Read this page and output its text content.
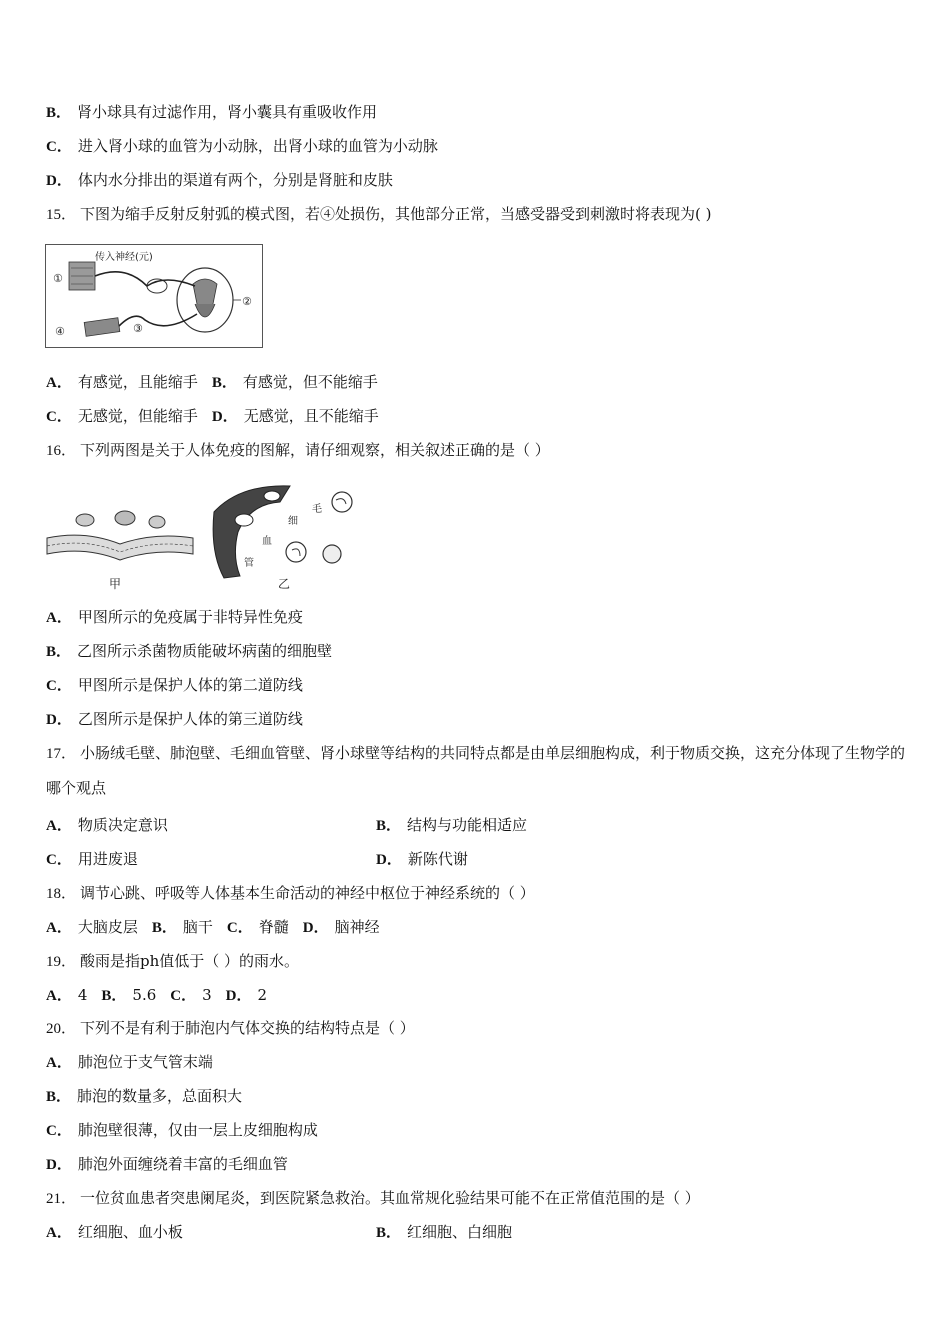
B． 肾小球具有过滤作用，肾小囊具有重吸收作用
C． 进入肾小球的血管为小动脉，出肾小球的血管为小动脉
D． 体内水分排出的渠道有两个，分别是肾脏和皮肤
15． 下图为缩手反射反射弧的模式图，若④处损伤，其他部分正常，当感受器受到刺激时将表现为( )
传入神经(元)
①
②
③
④
A． 有感觉，且能缩手 B． 有感觉，但不能缩手
C． 无感觉，但能缩手 D． 无感觉，且不能缩手
16． 下列两图是关于人体免疫的图解，请仔细观察，相关叙述正确的是（ ）
甲
毛
细
血
管
乙
A． 甲图所示的免疫属于非特异性免疫
B． 乙图所示杀菌物质能破坏病菌的细胞壁
C． 甲图所示是保护人体的第二道防线
D． 乙图所示是保护人体的第三道防线
17． 小肠绒毛壁、肺泡壁、毛细血管壁、肾小球壁等结构的共同特点都是由单层细胞构成，利于物质交换，这充分体现了生物学的哪个观点
A． 物质决定意识	B． 结构与功能相适应
C． 用进废退	D． 新陈代谢
18． 调节心跳、呼吸等人体基本生命活动的神经中枢位于神经系统的（ ）
A． 大脑皮层 B． 脑干 C． 脊髓 D． 脑神经
19． 酸雨是指ph值低于（ ）的雨水。
A． 4 B． 5.6 C． 3 D． 2
20． 下列不是有利于肺泡内气体交换的结构特点是（ ）
A． 肺泡位于支气管末端
B． 肺泡的数量多，总面积大
C． 肺泡壁很薄，仅由一层上皮细胞构成
D． 肺泡外面缠绕着丰富的毛细血管
21． 一位贫血患者突患阑尾炎，到医院紧急救治。其血常规化验结果可能不在正常值范围的是（ ）
A． 红细胞、血小板	B． 红细胞、白细胞
